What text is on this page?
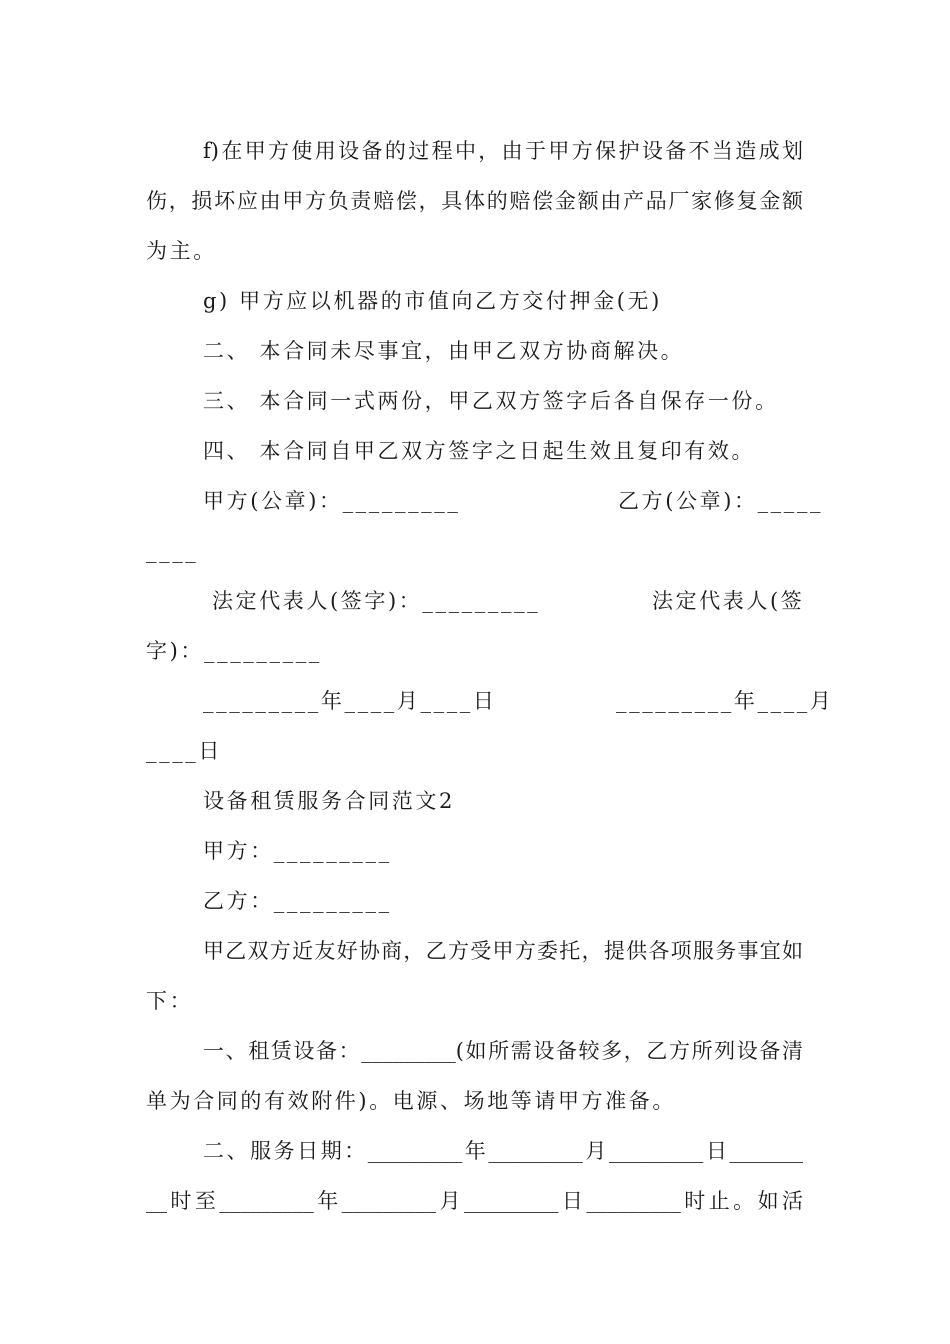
f)在甲方使用设备的过程中，由于甲方保护设备不当造成划
伤，损坏应由甲方负责赔偿，具体的赔偿金额由产品厂家修复金额
为主。
g) 甲方应以机器的市值向乙方交付押金(无)
二、 本合同未尽事宜，由甲乙双方协商解决。
三、 本合同一式两份，甲乙双方签字后各自保存一份。
四、 本合同自甲乙双方签字之日起生效且复印有效。
甲方(公章)：_________	乙方(公章)：_____
____
法定代表人(签字)：_________	法定代表人(签
字)：_________
_________年____月____日	_________年____月
____日
设备租赁服务合同范文2
甲方：_________
乙方：_________
甲乙双方近友好协商，乙方受甲方委托，提供各项服务事宜如
下：
一、租赁设备：_________(如所需设备较多，乙方所列设备清
单为合同的有效附件)。电源、场地等请甲方准备。
二、服务日期：_________年_________月_________日_______
__时至_________年_________月_________日_________时止。如活
